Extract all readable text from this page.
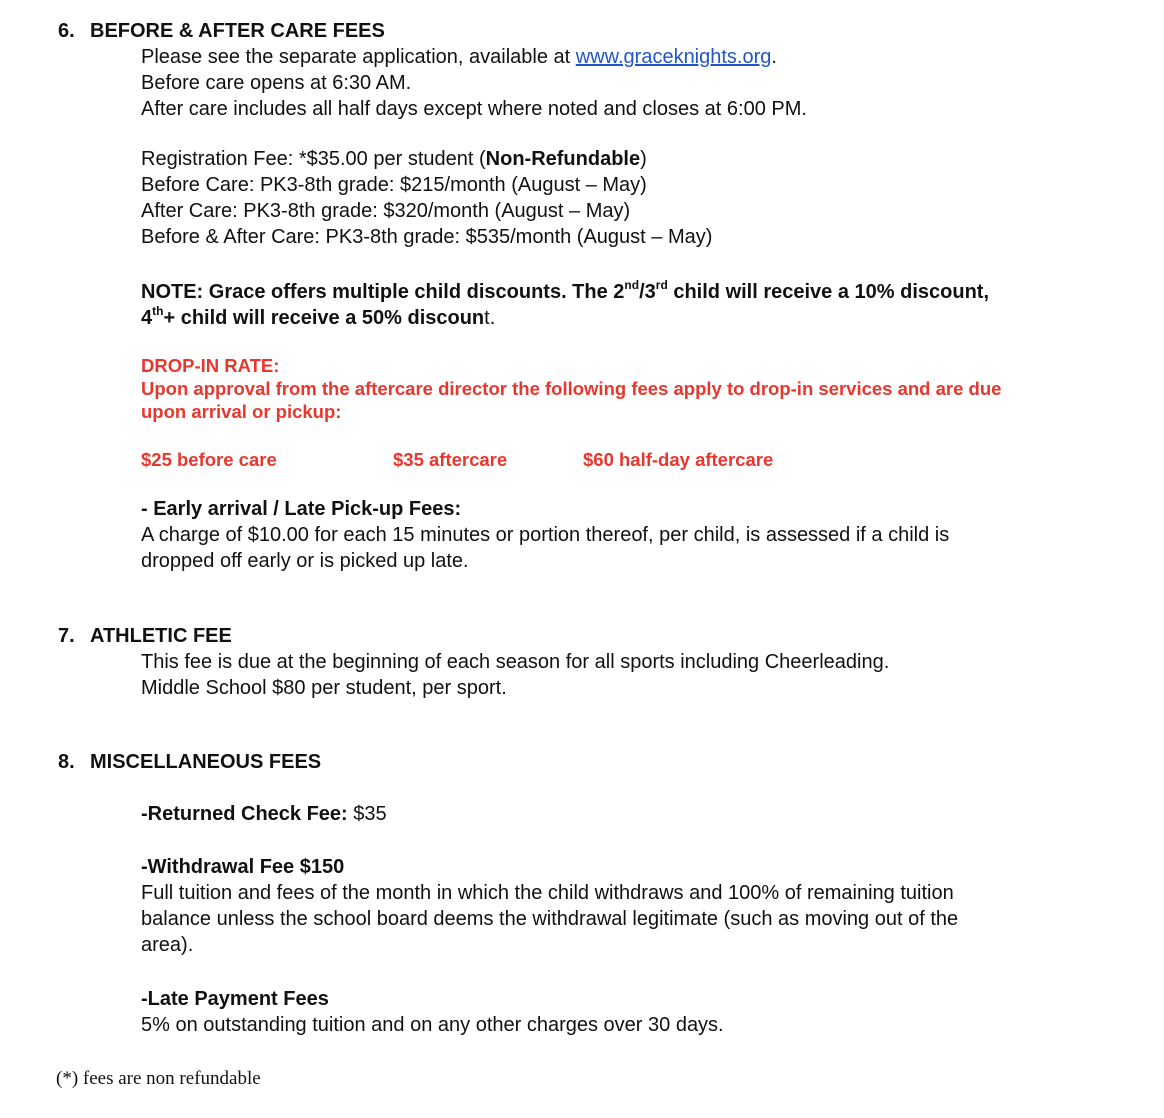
6. BEFORE & AFTER CARE FEES
Please see the separate application, available at www.graceknights.org.
Before care opens at 6:30 AM.
After care includes all half days except where noted and closes at 6:00 PM.
Registration Fee: *$35.00 per student (Non-Refundable)
Before Care: PK3-8th grade: $215/month (August – May)
After Care: PK3-8th grade: $320/month (August – May)
Before & After Care: PK3-8th grade: $535/month (August – May)
NOTE: Grace offers multiple child discounts. The 2nd/3rd child will receive a 10% discount,
4th+ child will receive a 50% discount.
DROP-IN RATE:
Upon approval from the aftercare director the following fees apply to drop-in services and are due
upon arrival or pickup:
$25 before care	$35 aftercare	$60 half-day aftercare
- Early arrival / Late Pick-up Fees:
A charge of $10.00 for each 15 minutes or portion thereof, per child, is assessed if a child is
dropped off early or is picked up late.
7. ATHLETIC FEE
This fee is due at the beginning of each season for all sports including Cheerleading.
Middle School $80 per student, per sport.
8. MISCELLANEOUS FEES
-Returned Check Fee: $35
-Withdrawal Fee $150
Full tuition and fees of the month in which the child withdraws and 100% of remaining tuition
balance unless the school board deems the withdrawal legitimate (such as moving out of the
area).
-Late Payment Fees
5% on outstanding tuition and on any other charges over 30 days.
(*) fees are non refundable
